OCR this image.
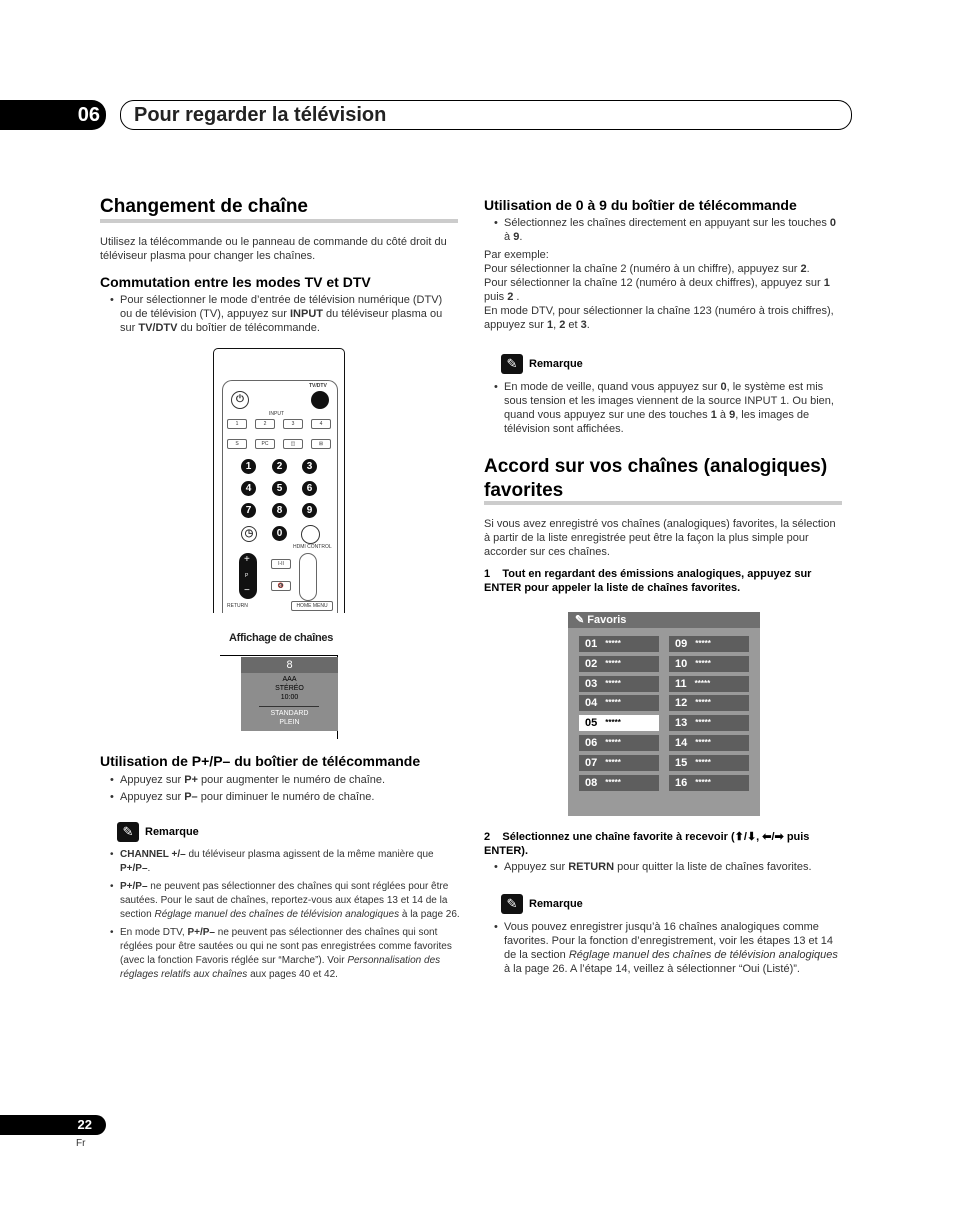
06	Pour regarder la télévision
Changement de chaîne

Utilisez la télécommande ou le panneau de commande du côté droit du téléviseur plasma pour changer les chaînes.

Commutation entre les modes TV et DTV
• Pour sélectionner le mode d’entrée de télévision numérique (DTV) ou de télévision (TV), appuyez sur INPUT du téléviseur plasma ou sur TV/DTV du boîtier de télécommande.
TV/DTV
⏻
INPUT
1	2	3	4
S	PC	◫	⊞
1	2	3
4	5	6
7	8	9
◷	0
HDMI CONTROL
+
P
−
I-II
🔇
RETURN	HOME MENU
Affichage de chaînes
8
AAA
STÉRÉO
10:00
STANDARD
PLEIN
Utilisation de P+/P– du boîtier de télécommande
• Appuyez sur P+ pour augmenter le numéro de chaîne.
• Appuyez sur P– pour diminuer le numéro de chaîne.
✎ Remarque
• CHANNEL +/– du téléviseur plasma agissent de la même manière que P+/P–.
• P+/P– ne peuvent pas sélectionner des chaînes qui sont réglées pour être sautées. Pour le saut de chaînes, reportez-vous aux étapes 13 et 14 de la section Réglage manuel des chaînes de télévision analogiques à la page 26.
• En mode DTV, P+/P– ne peuvent pas sélectionner des chaînes qui sont réglées pour être sautées ou qui ne sont pas enregistrées comme favorites (avec la fonction Favoris réglée sur “Marche”). Voir Personnalisation des réglages relatifs aux chaînes aux pages 40 et 42.
Utilisation de 0 à 9 du boîtier de télécommande
• Sélectionnez les chaînes directement en appuyant sur les touches 0 à 9.
Par exemple:
Pour sélectionner la chaîne 2 (numéro à un chiffre), appuyez sur 2.
Pour sélectionner la chaîne 12 (numéro à deux chiffres), appuyez sur 1 puis 2 .
En mode DTV, pour sélectionner la chaîne 123 (numéro à trois chiffres), appuyez sur 1, 2 et 3.
✎ Remarque
• En mode de veille, quand vous appuyez sur 0, le système est mis sous tension et les images viennent de la source INPUT 1. Ou bien, quand vous appuyez sur une des touches 1 à 9, les images de télévision sont affichées.
Accord sur vos chaînes (analogiques)
favorites

Si vous avez enregistré vos chaînes (analogiques) favorites, la sélection à partir de la liste enregistrée peut être la façon la plus simple pour accorder sur ces chaînes.

1 Tout en regardant des émissions analogiques, appuyez sur ENTER pour appeler la liste de chaînes favorites.
✎ Favoris
01 *****
02 *****
03 *****
04 *****
05 *****
06 *****
07 *****
08 *****
09 *****
10 *****
11 *****
12 *****
13 *****
14 *****
15 *****
16 *****
2 Sélectionnez une chaîne favorite à recevoir (⬆/⬇, ⬅/➡ puis ENTER).
• Appuyez sur RETURN pour quitter la liste de chaînes favorites.
✎ Remarque
• Vous pouvez enregistrer jusqu’à 16 chaînes analogiques comme favorites. Pour la fonction d’enregistrement, voir les étapes 13 et 14 de la section Réglage manuel des chaînes de télévision analogiques à la page 26. A l’étape 14, veillez à sélectionner “Oui (Listé)”.
22
Fr
